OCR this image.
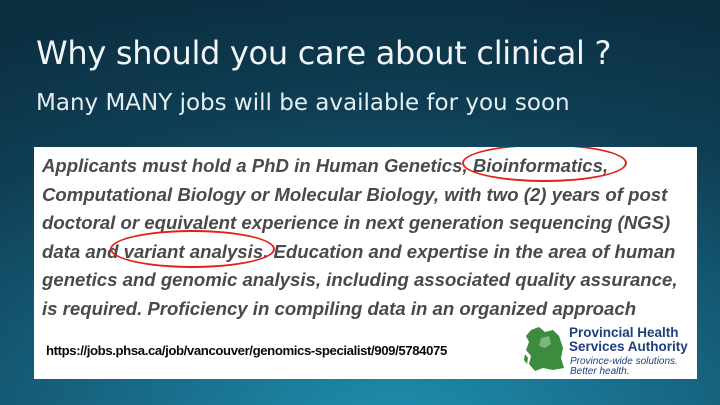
Why should you care about clinical ?
Many MANY jobs will be available for you soon

Applicants must hold a PhD in Human Genetics, Bioinformatics,
Computational Biology or Molecular Biology, with two (2) years of post
doctoral or equivalent experience in next generation sequencing (NGS)
data and variant analysis. Education and expertise in the area of human
genetics and genomic analysis, including associated quality assurance,
is required. Proficiency in compiling data in an organized approach

https://jobs.phsa.ca/job/vancouver/genomics-specialist/909/5784075
Provincial Health
Services Authority
Province-wide solutions.
Better health.
